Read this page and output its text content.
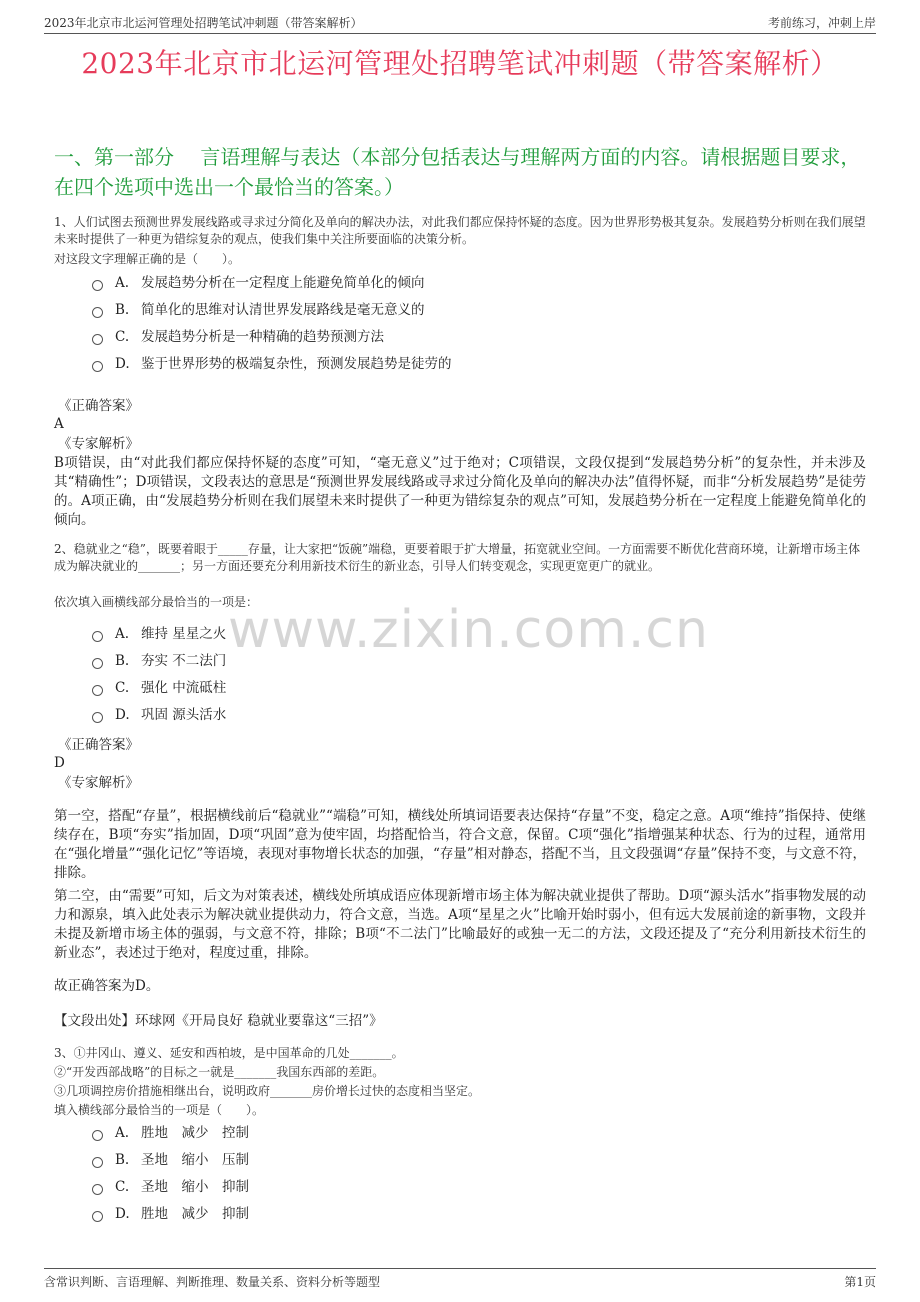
2023年北京市北运河管理处招聘笔试冲刺题（带答案解析）	考前练习，冲刺上岸
2023年北京市北运河管理处招聘笔试冲刺题（带答案解析）
一、第一部分　 言语理解与表达（本部分包括表达与理解两方面的内容。请根据题目要求，在四个选项中选出一个最恰当的答案。）
www.zixin.com.cn
1、人们试图去预测世界发展线路或寻求过分简化及单向的解决办法，对此我们都应保持怀疑的态度。因为世界形势极其复杂。发展趋势分析则在我们展望未来时提供了一种更为错综复杂的观点，使我们集中关注所要面临的决策分析。
对这段文字理解正确的是（　　）。
A. 发展趋势分析在一定程度上能避免简单化的倾向
B. 简单化的思维对认清世界发展路线是毫无意义的
C. 发展趋势分析是一种精确的趋势预测方法
D. 鉴于世界形势的极端复杂性，预测发展趋势是徒劳的
《正确答案》
A
《专家解析》
B项错误，由“对此我们都应保持怀疑的态度”可知，“毫无意义”过于绝对；C项错误，文段仅提到“发展趋势分析”的复杂性，并未涉及其“精确性”；D项错误，文段表达的意思是“预测世界发展线路或寻求过分简化及单向的解决办法”值得怀疑，而非“分析发展趋势”是徒劳的。A项正确，由“发展趋势分析则在我们展望未来时提供了一种更为错综复杂的观点”可知，发展趋势分析在一定程度上能避免简单化的倾向。
2、稳就业之“稳”，既要着眼于_____存量，让大家把“饭碗”端稳，更要着眼于扩大增量，拓宽就业空间。一方面需要不断优化营商环境，让新增市场主体成为解决就业的_______；另一方面还要充分利用新技术衍生的新业态，引导人们转变观念，实现更宽更广的就业。
依次填入画横线部分最恰当的一项是：
A. 维持 星星之火
B. 夯实 不二法门
C. 强化 中流砥柱
D. 巩固 源头活水
《正确答案》
D
《专家解析》
第一空，搭配“存量”，根据横线前后“稳就业”“端稳”可知，横线处所填词语要表达保持“存量”不变，稳定之意。A项“维持”指保持、使继续存在，B项“夯实”指加固，D项“巩固”意为使牢固，均搭配恰当，符合文意，保留。C项“强化”指增强某种状态、行为的过程，通常用在“强化增量”“强化记忆”等语境，表现对事物增长状态的加强，“存量”相对静态，搭配不当，且文段强调“存量”保持不变，与文意不符，排除。
第二空，由“需要”可知，后文为对策表述，横线处所填成语应体现新增市场主体为解决就业提供了帮助。D项“源头活水”指事物发展的动力和源泉，填入此处表示为解决就业提供动力，符合文意，当选。A项“星星之火”比喻开始时弱小，但有远大发展前途的新事物，文段并未提及新增市场主体的强弱，与文意不符，排除；B项“不二法门”比喻最好的或独一无二的方法，文段还提及了“充分利用新技术衍生的新业态”，表述过于绝对，程度过重，排除。
故正确答案为D。
【文段出处】环球网《开局良好 稳就业要靠这“三招”》
3、①井冈山、遵义、延安和西柏坡，是中国革命的几处_______。
②“开发西部战略”的目标之一就是_______我国东西部的差距。
③几项调控房价措施相继出台，说明政府_______房价增长过快的态度相当坚定。
填入横线部分最恰当的一项是（　　）。
A. 胜地　减少　控制
B. 圣地　缩小　压制
C. 圣地　缩小　抑制
D. 胜地　减少　抑制
含常识判断、言语理解、判断推理、数量关系、资料分析等题型	第1页
